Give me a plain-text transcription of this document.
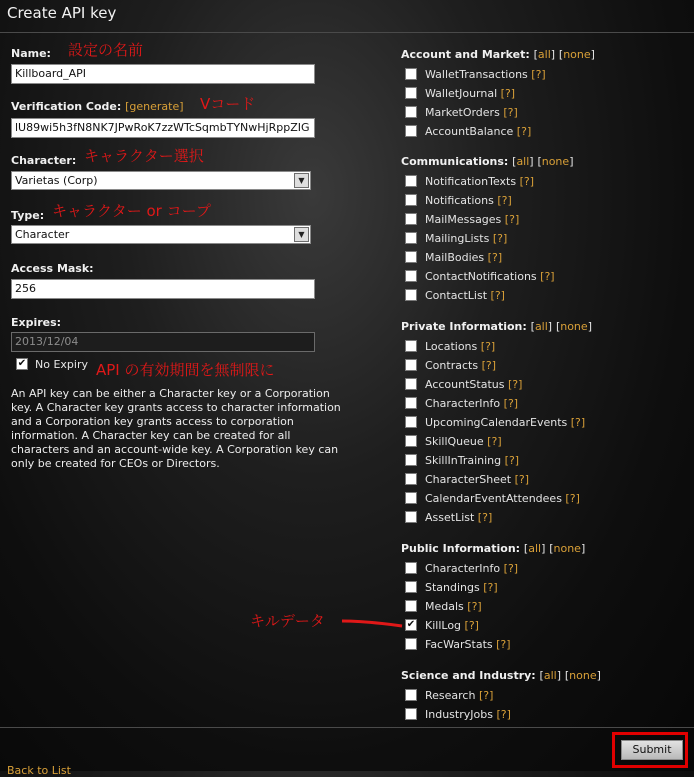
Create API key
Name: 設定の名前
Killboard_API
Verification Code: [generate] Vコード
lU89wi5h3fN8NK7JPwRoK7zzWTcSqmbTYNwHjRppZIG
Character: キャラクター選択
Varietas (Corp)	▼
Type: キャラクター or コープ
Character	▼
Access Mask:
256
Expires:
2013/12/04
✔ No Expiry API の有効期間を無制限に
An API key can be either a Character key or a Corporation key. A Character key grants access to character information and a Corporation key grants access to corporation information. A Character key can be created for all characters and an account-wide key. A Corporation key can only be created for CEOs or Directors.
Account and Market: [all] [none]
WalletTransactions [?]
WalletJournal [?]
MarketOrders [?]
AccountBalance [?]
Communications: [all] [none]
NotificationTexts [?]
Notifications [?]
MailMessages [?]
MailingLists [?]
MailBodies [?]
ContactNotifications [?]
ContactList [?]
Private Information: [all] [none]
Locations [?]
Contracts [?]
AccountStatus [?]
CharacterInfo [?]
UpcomingCalendarEvents [?]
SkillQueue [?]
SkillInTraining [?]
CharacterSheet [?]
CalendarEventAttendees [?]
AssetList [?]
Public Information: [all] [none]
CharacterInfo [?]
Standings [?]
Medals [?]
✔ KillLog [?]
FacWarStats [?]
Science and Industry: [all] [none]
Research [?]
IndustryJobs [?]
キルデータ
Submit
Back to List
